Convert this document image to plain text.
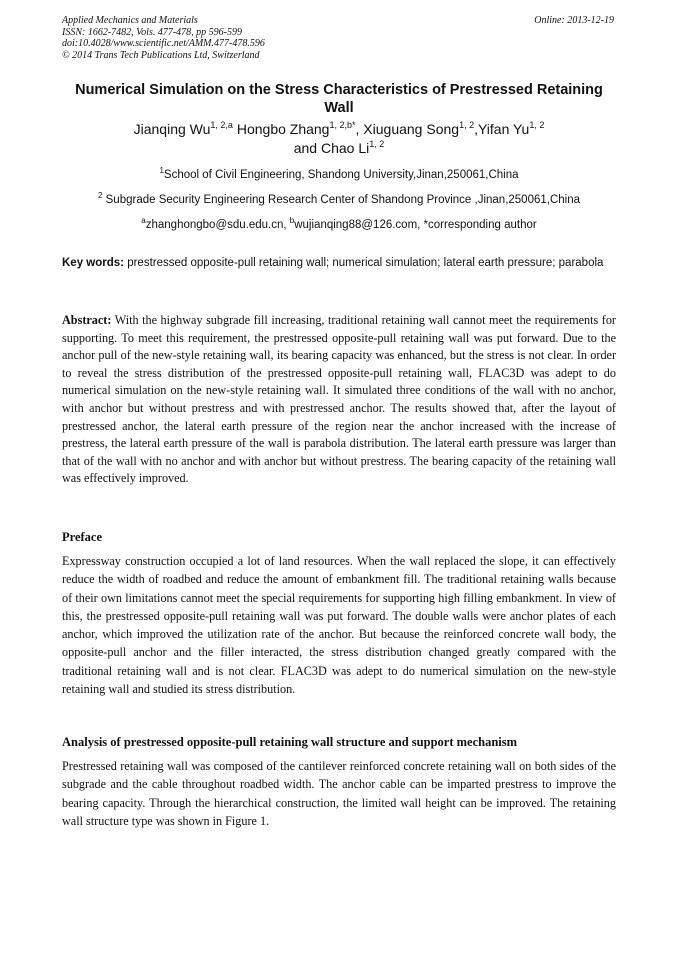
Applied Mechanics and Materials
ISSN: 1662-7482, Vols. 477-478, pp 596-599
doi:10.4028/www.scientific.net/AMM.477-478.596
© 2014 Trans Tech Publications Ltd, Switzerland
Online: 2013-12-19
Numerical Simulation on the Stress Characteristics of Prestressed Retaining Wall
Jianqing Wu$^{1, 2,a}$ Hongbo Zhang$^{1, 2,b*}$, Xiuguang Song$^{1, 2}$,Yifan Yu$^{1, 2}$
and Chao Li$^{1, 2}$
$^1$School of Civil Engineering, Shandong University,Jinan,250061,China
$^2$ Subgrade Security Engineering Research Center of Shandong Province ,Jinan,250061,China
$^a$zhanghongbo@sdu.edu.cn, $^b$wujianqing88@126.com, *corresponding author
Key words: prestressed opposite-pull retaining wall; numerical simulation; lateral earth pressure; parabola
Abstract: With the highway subgrade fill increasing, traditional retaining wall cannot meet the requirements for supporting. To meet this requirement, the prestressed opposite-pull retaining wall was put forward. Due to the anchor pull of the new-style retaining wall, its bearing capacity was enhanced, but the stress is not clear. In order to reveal the stress distribution of the prestressed opposite-pull retaining wall, FLAC3D was adept to do numerical simulation on the new-style retaining wall. It simulated three conditions of the wall with no anchor, with anchor but without prestress and with prestressed anchor. The results showed that, after the layout of prestressed anchor, the lateral earth pressure of the region near the anchor increased with the increase of prestress, the lateral earth pressure of the wall is parabola distribution. The lateral earth pressure was larger than that of the wall with no anchor and with anchor but without prestress. The bearing capacity of the retaining wall was effectively improved.
Preface
Expressway construction occupied a lot of land resources. When the wall replaced the slope, it can effectively reduce the width of roadbed and reduce the amount of embankment fill. The traditional retaining walls because of their own limitations cannot meet the special requirements for supporting high filling embankment. In view of this, the prestressed opposite-pull retaining wall was put forward. The double walls were anchor plates of each anchor, which improved the utilization rate of the anchor. But because the reinforced concrete wall body, the opposite-pull anchor and the filler interacted, the stress distribution changed greatly compared with the traditional retaining wall and is not clear. FLAC3D was adept to do numerical simulation on the new-style retaining wall and studied its stress distribution.
Analysis of prestressed opposite-pull retaining wall structure and support mechanism
Prestressed retaining wall was composed of the cantilever reinforced concrete retaining wall on both sides of the subgrade and the cable throughout roadbed width. The anchor cable can be imparted prestress to improve the bearing capacity. Through the hierarchical construction, the limited wall height can be improved. The retaining wall structure type was shown in Figure 1.
